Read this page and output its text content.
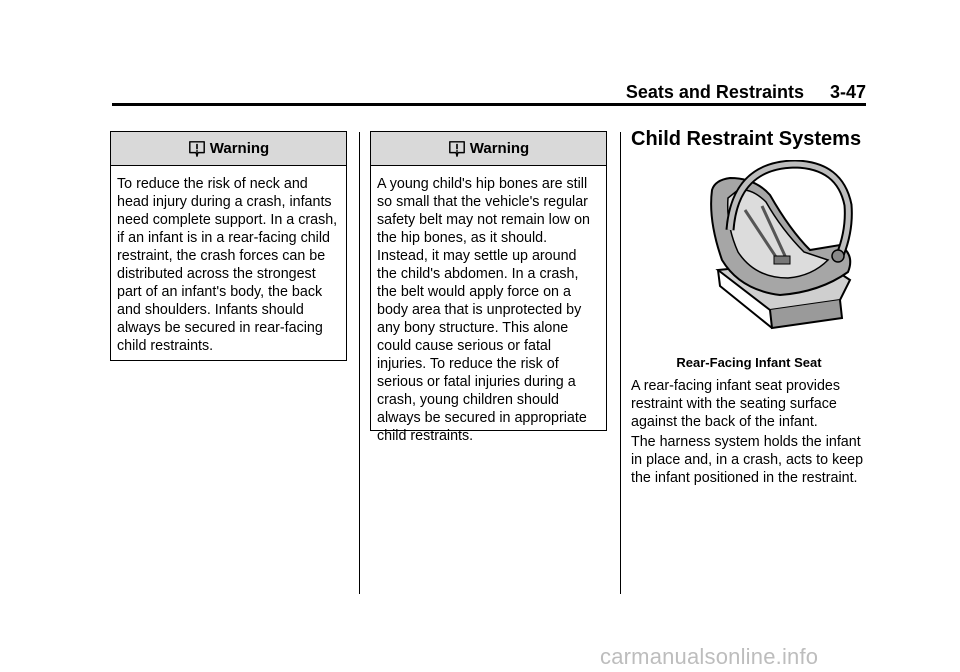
Seats and Restraints 3-47
Warning
To reduce the risk of neck and head injury during a crash, infants need complete support. In a crash, if an infant is in a rear-facing child restraint, the crash forces can be distributed across the strongest part of an infant's body, the back and shoulders. Infants should always be secured in rear-facing child restraints.
Warning
A young child's hip bones are still so small that the vehicle's regular safety belt may not remain low on the hip bones, as it should. Instead, it may settle up around the child's abdomen. In a crash, the belt would apply force on a body area that is unprotected by any bony structure. This alone could cause serious or fatal injuries. To reduce the risk of serious or fatal injuries during a crash, young children should always be secured in appropriate child restraints.
Child Restraint Systems
Rear-Facing Infant Seat

A rear-facing infant seat provides restraint with the seating surface against the back of the infant.

The harness system holds the infant in place and, in a crash, acts to keep the infant positioned in the restraint.

carmanualsonline.info
